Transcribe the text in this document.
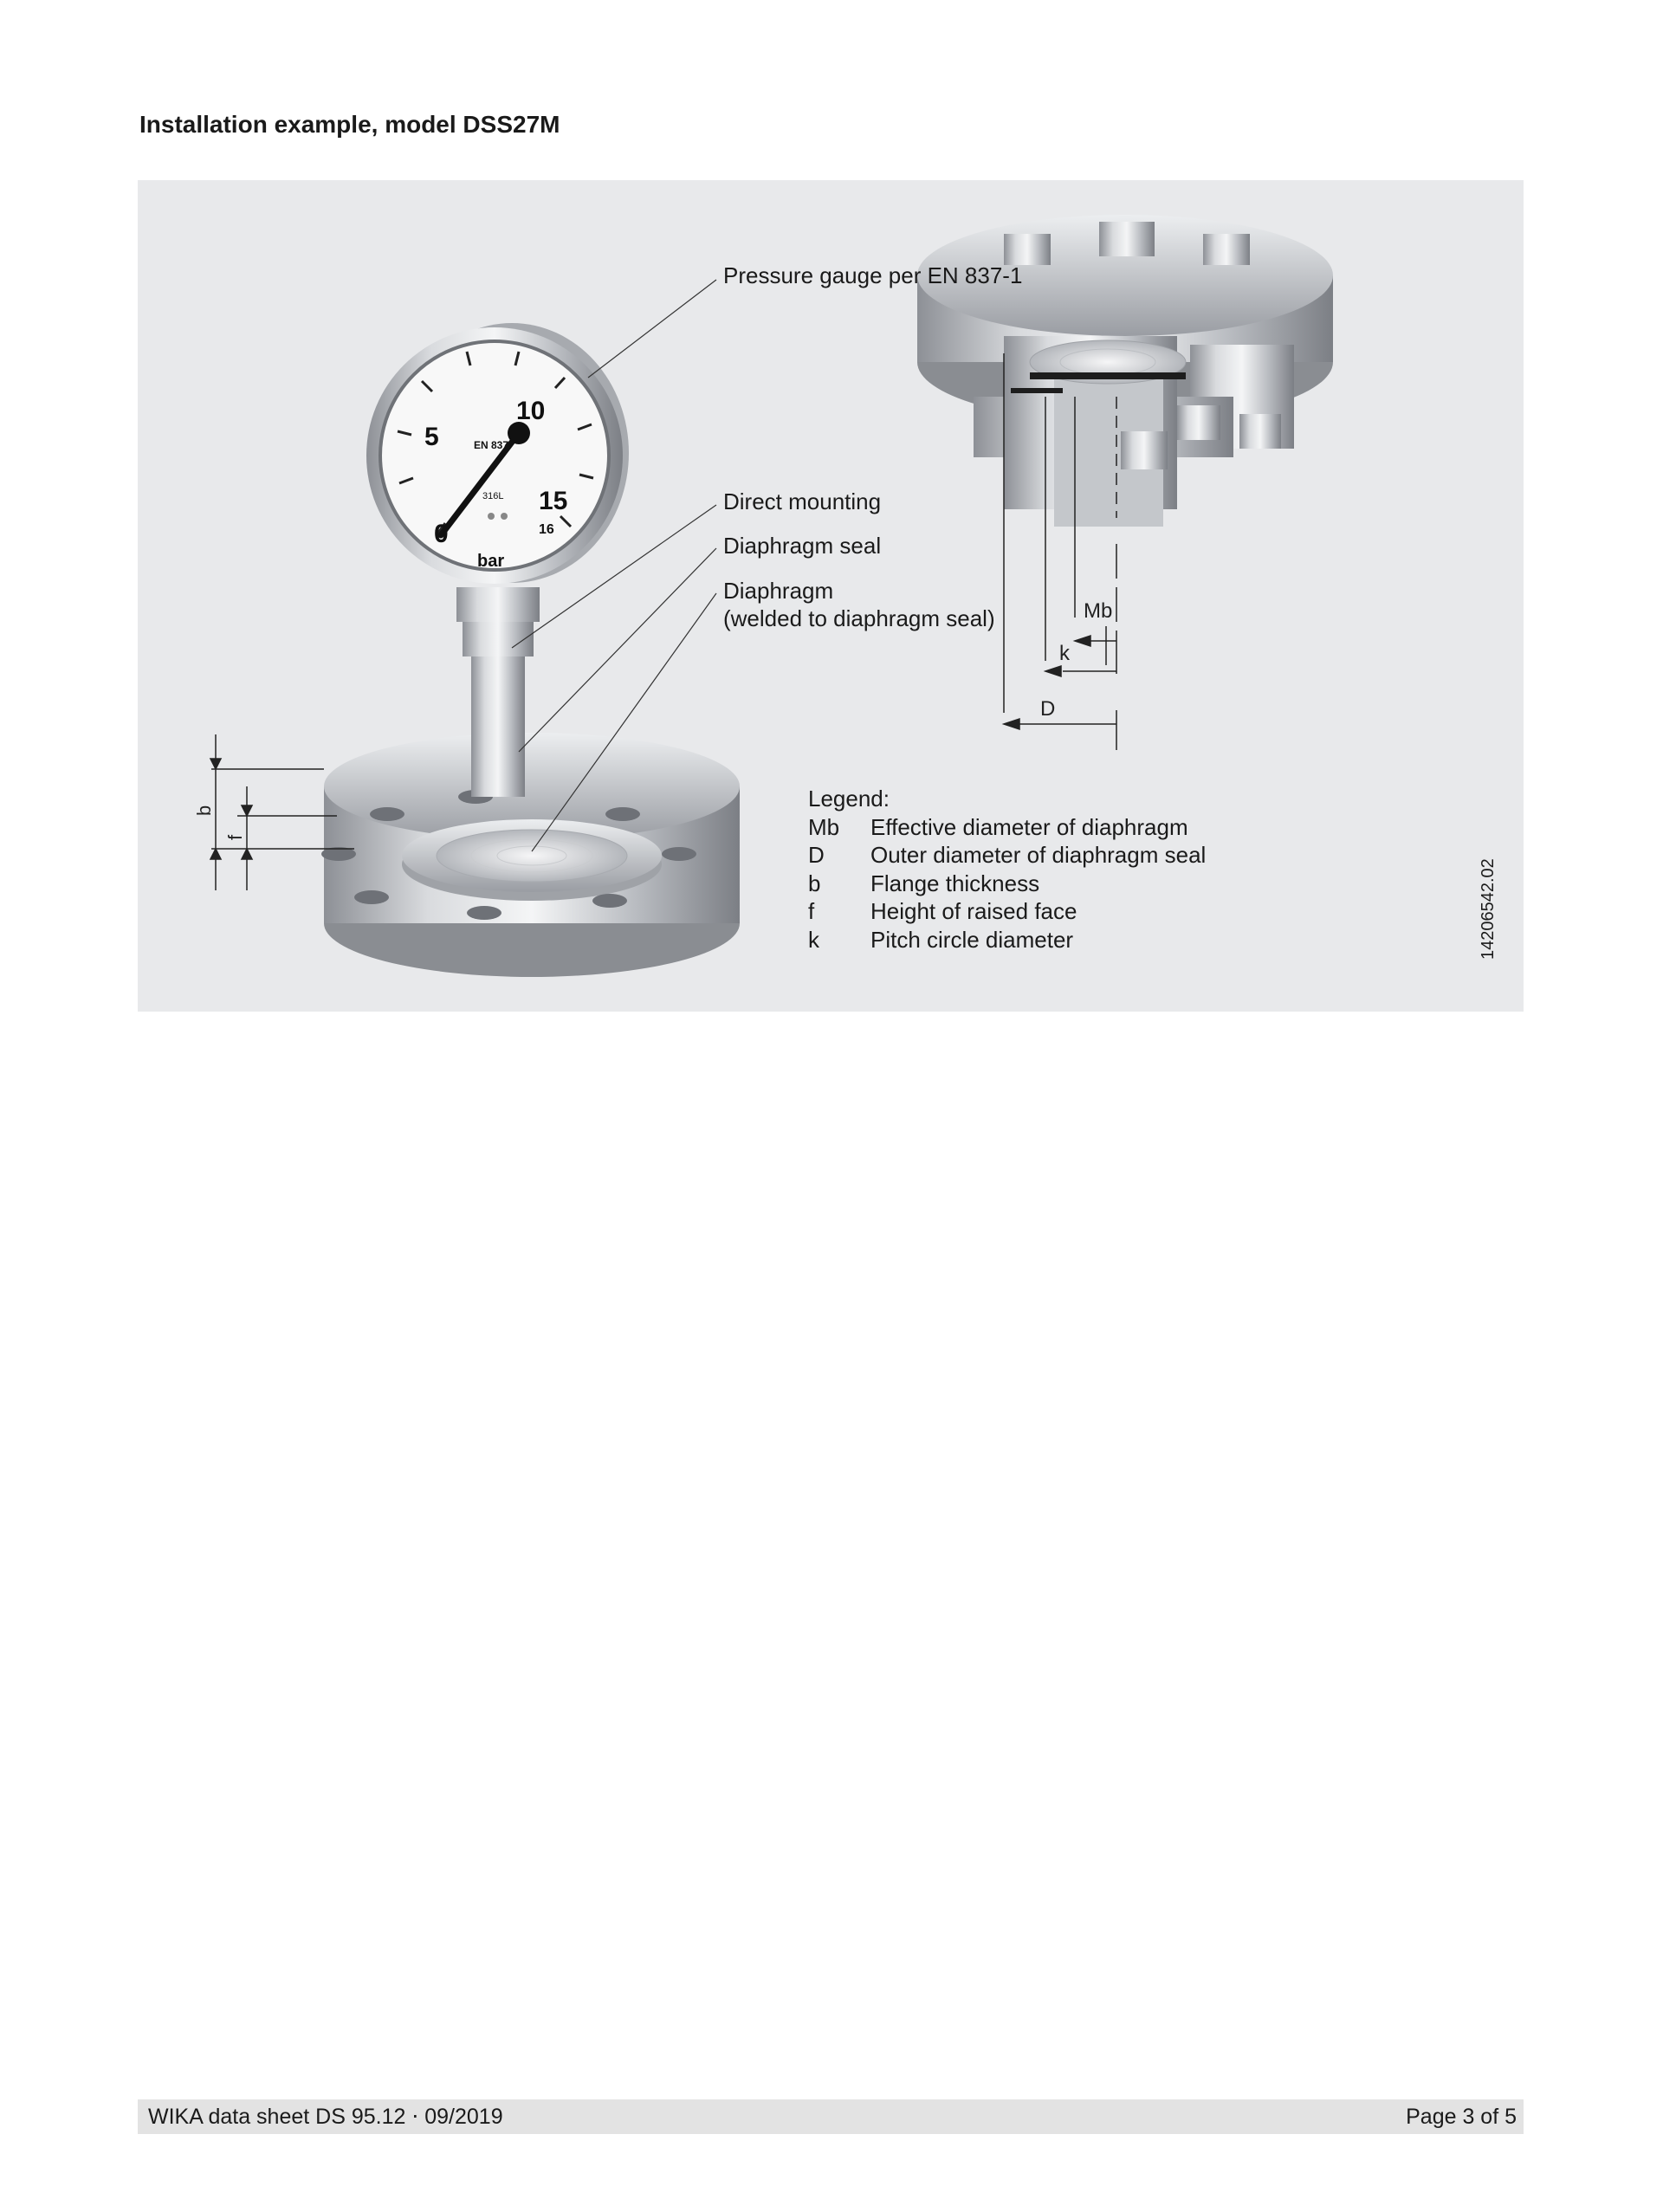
Installation example, model DSS27M
0
5
10
15
16
EN 837
316L
bar
b
f
Mb
k
D
Pressure gauge per EN 837-1
Direct mounting
Diaphragm seal
Diaphragm
(welded to diaphragm seal)
Legend:
Mb	Effective diameter of diaphragm
D	Outer diameter of diaphragm seal
b	Flange thickness
f	Height of raised face
k	Pitch circle diameter	14206542.02
WIKA data sheet DS 95.12 ⋅ 09/2019	Page 3 of 5
